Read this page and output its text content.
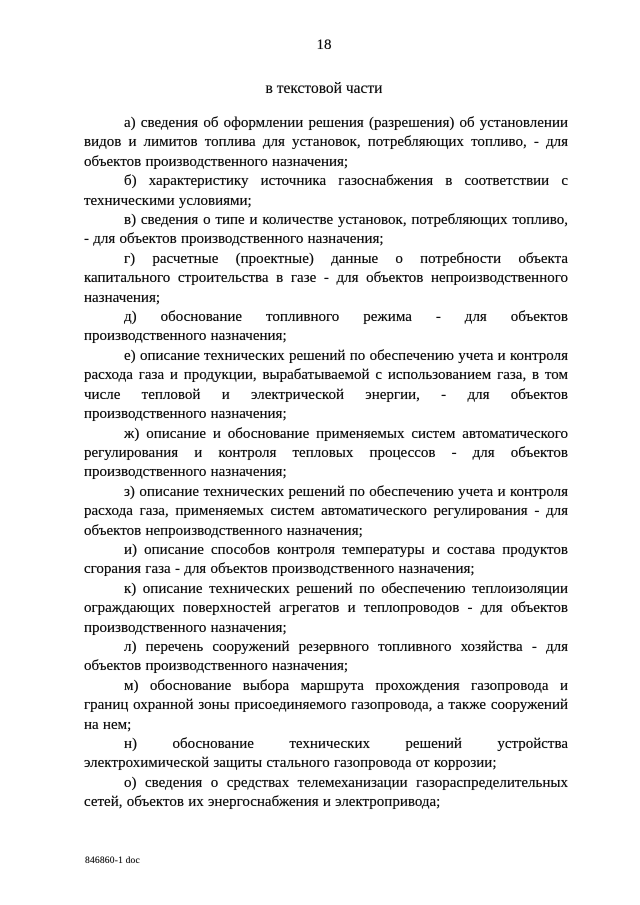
18
в текстовой части

а) сведения об оформлении решения (разрешения) об установлении видов и лимитов топлива для установок, потребляющих топливо, - для объектов производственного назначения;

б) характеристику источника газоснабжения в соответствии с техническими условиями;

в) сведения о типе и количестве установок, потребляющих топливо, - для объектов производственного назначения;

г) расчетные (проектные) данные о потребности объекта капитального строительства в газе - для объектов непроизводственного назначения;

д) обоснование топливного режима - для объектов производственного назначения;

е) описание технических решений по обеспечению учета и контроля расхода газа и продукции, вырабатываемой с использованием газа, в том числе тепловой и электрической энергии, - для объектов производственного назначения;

ж) описание и обоснование применяемых систем автоматического регулирования и контроля тепловых процессов - для объектов производственного назначения;

з) описание технических решений по обеспечению учета и контроля расхода газа, применяемых систем автоматического регулирования - для объектов непроизводственного назначения;

и) описание способов контроля температуры и состава продуктов сгорания газа - для объектов производственного назначения;

к) описание технических решений по обеспечению теплоизоляции ограждающих поверхностей агрегатов и теплопроводов - для объектов производственного назначения;

л) перечень сооружений резервного топливного хозяйства - для объектов производственного назначения;

м) обоснование выбора маршрута прохождения газопровода и границ охранной зоны присоединяемого газопровода, а также сооружений на нем;

н) обоснование технических решений устройства электрохимической защиты стального газопровода от коррозии;

о) сведения о средствах телемеханизации газораспределительных сетей, объектов их энергоснабжения и электропривода;

846860-1 doc
